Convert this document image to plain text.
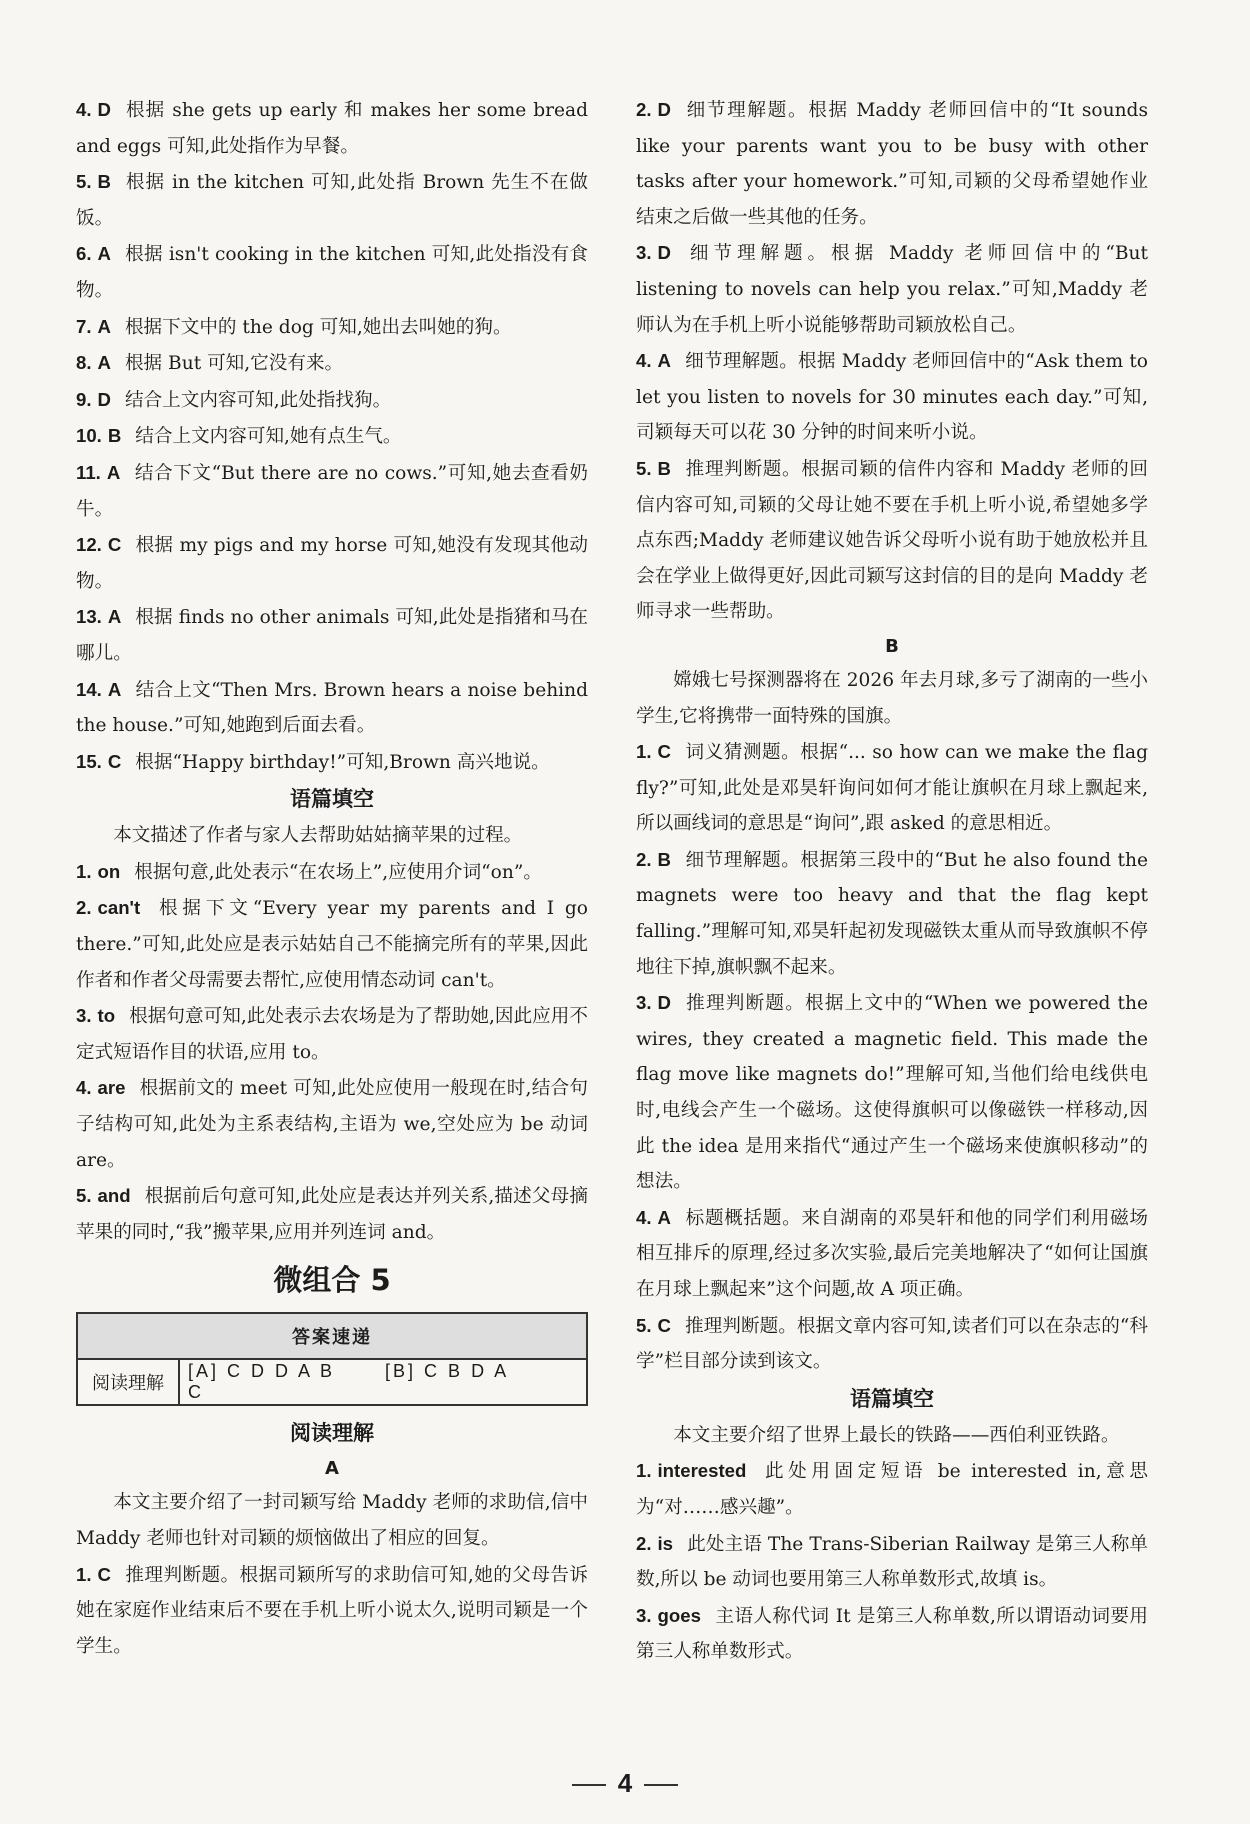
4. D 根据 she gets up early 和 makes her some bread and eggs 可知,此处指作为早餐。

5. B 根据 in the kitchen 可知,此处指 Brown 先生不在做饭。

6. A 根据 isn't cooking in the kitchen 可知,此处指没有食物。

7. A 根据下文中的 the dog 可知,她出去叫她的狗。

8. A 根据 But 可知,它没有来。

9. D 结合上文内容可知,此处指找狗。

10. B 结合上文内容可知,她有点生气。

11. A 结合下文“But there are no cows.”可知,她去查看奶牛。

12. C 根据 my pigs and my horse 可知,她没有发现其他动物。

13. A 根据 finds no other animals 可知,此处是指猪和马在哪儿。

14. A 结合上文“Then Mrs. Brown hears a noise behind the house.”可知,她跑到后面去看。

15. C 根据“Happy birthday!”可知,Brown 高兴地说。

语篇填空

本文描述了作者与家人去帮助姑姑摘苹果的过程。

1. on 根据句意,此处表示“在农场上”,应使用介词“on”。

2. can't 根据下文“Every year my parents and I go there.”可知,此处应是表示姑姑自己不能摘完所有的苹果,因此作者和作者父母需要去帮忙,应使用情态动词 can't。

3. to 根据句意可知,此处表示去农场是为了帮助她,因此应用不定式短语作目的状语,应用 to。

4. are 根据前文的 meet 可知,此处应使用一般现在时,结合句子结构可知,此处为主系表结构,主语为 we,空处应为 be 动词 are。

5. and 根据前后句意可知,此处应是表达并列关系,描述父母摘苹果的同时,“我”搬苹果,应用并列连词 and。

微组合 5

答案速递
阅读理解	[A] C D D A B	[B] C B D A C

阅读理解

A

本文主要介绍了一封司颖写给 Maddy 老师的求助信,信中 Maddy 老师也针对司颖的烦恼做出了相应的回复。

1. C 推理判断题。根据司颖所写的求助信可知,她的父母告诉她在家庭作业结束后不要在手机上听小说太久,说明司颖是一个学生。

2. D 细节理解题。根据 Maddy 老师回信中的“It sounds like your parents want you to be busy with other tasks after your homework.”可知,司颖的父母希望她作业结束之后做一些其他的任务。

3. D 细节理解题。根据 Maddy 老师回信中的“But listening to novels can help you relax.”可知,Maddy 老师认为在手机上听小说能够帮助司颖放松自己。

4. A 细节理解题。根据 Maddy 老师回信中的“Ask them to let you listen to novels for 30 minutes each day.”可知,司颖每天可以花 30 分钟的时间来听小说。

5. B 推理判断题。根据司颖的信件内容和 Maddy 老师的回信内容可知,司颖的父母让她不要在手机上听小说,希望她多学点东西;Maddy 老师建议她告诉父母听小说有助于她放松并且会在学业上做得更好,因此司颖写这封信的目的是向 Maddy 老师寻求一些帮助。

B

嫦娥七号探测器将在 2026 年去月球,多亏了湖南的一些小学生,它将携带一面特殊的国旗。

1. C 词义猜测题。根据“... so how can we make the flag fly?”可知,此处是邓昊轩询问如何才能让旗帜在月球上飘起来,所以画线词的意思是“询问”,跟 asked 的意思相近。

2. B 细节理解题。根据第三段中的“But he also found the magnets were too heavy and that the flag kept falling.”理解可知,邓昊轩起初发现磁铁太重从而导致旗帜不停地往下掉,旗帜飘不起来。

3. D 推理判断题。根据上文中的“When we powered the wires, they created a magnetic field. This made the flag move like magnets do!”理解可知,当他们给电线供电时,电线会产生一个磁场。这使得旗帜可以像磁铁一样移动,因此 the idea 是用来指代“通过产生一个磁场来使旗帜移动”的想法。

4. A 标题概括题。来自湖南的邓昊轩和他的同学们利用磁场相互排斥的原理,经过多次实验,最后完美地解决了“如何让国旗在月球上飘起来”这个问题,故 A 项正确。

5. C 推理判断题。根据文章内容可知,读者们可以在杂志的“科学”栏目部分读到该文。

语篇填空

本文主要介绍了世界上最长的铁路——西伯利亚铁路。

1. interested 此处用固定短语 be interested in,意思为“对……感兴趣”。

2. is 此处主语 The Trans-Siberian Railway 是第三人称单数,所以 be 动词也要用第三人称单数形式,故填 is。

3. goes 主语人称代词 It 是第三人称单数,所以谓语动词要用第三人称单数形式。

4
